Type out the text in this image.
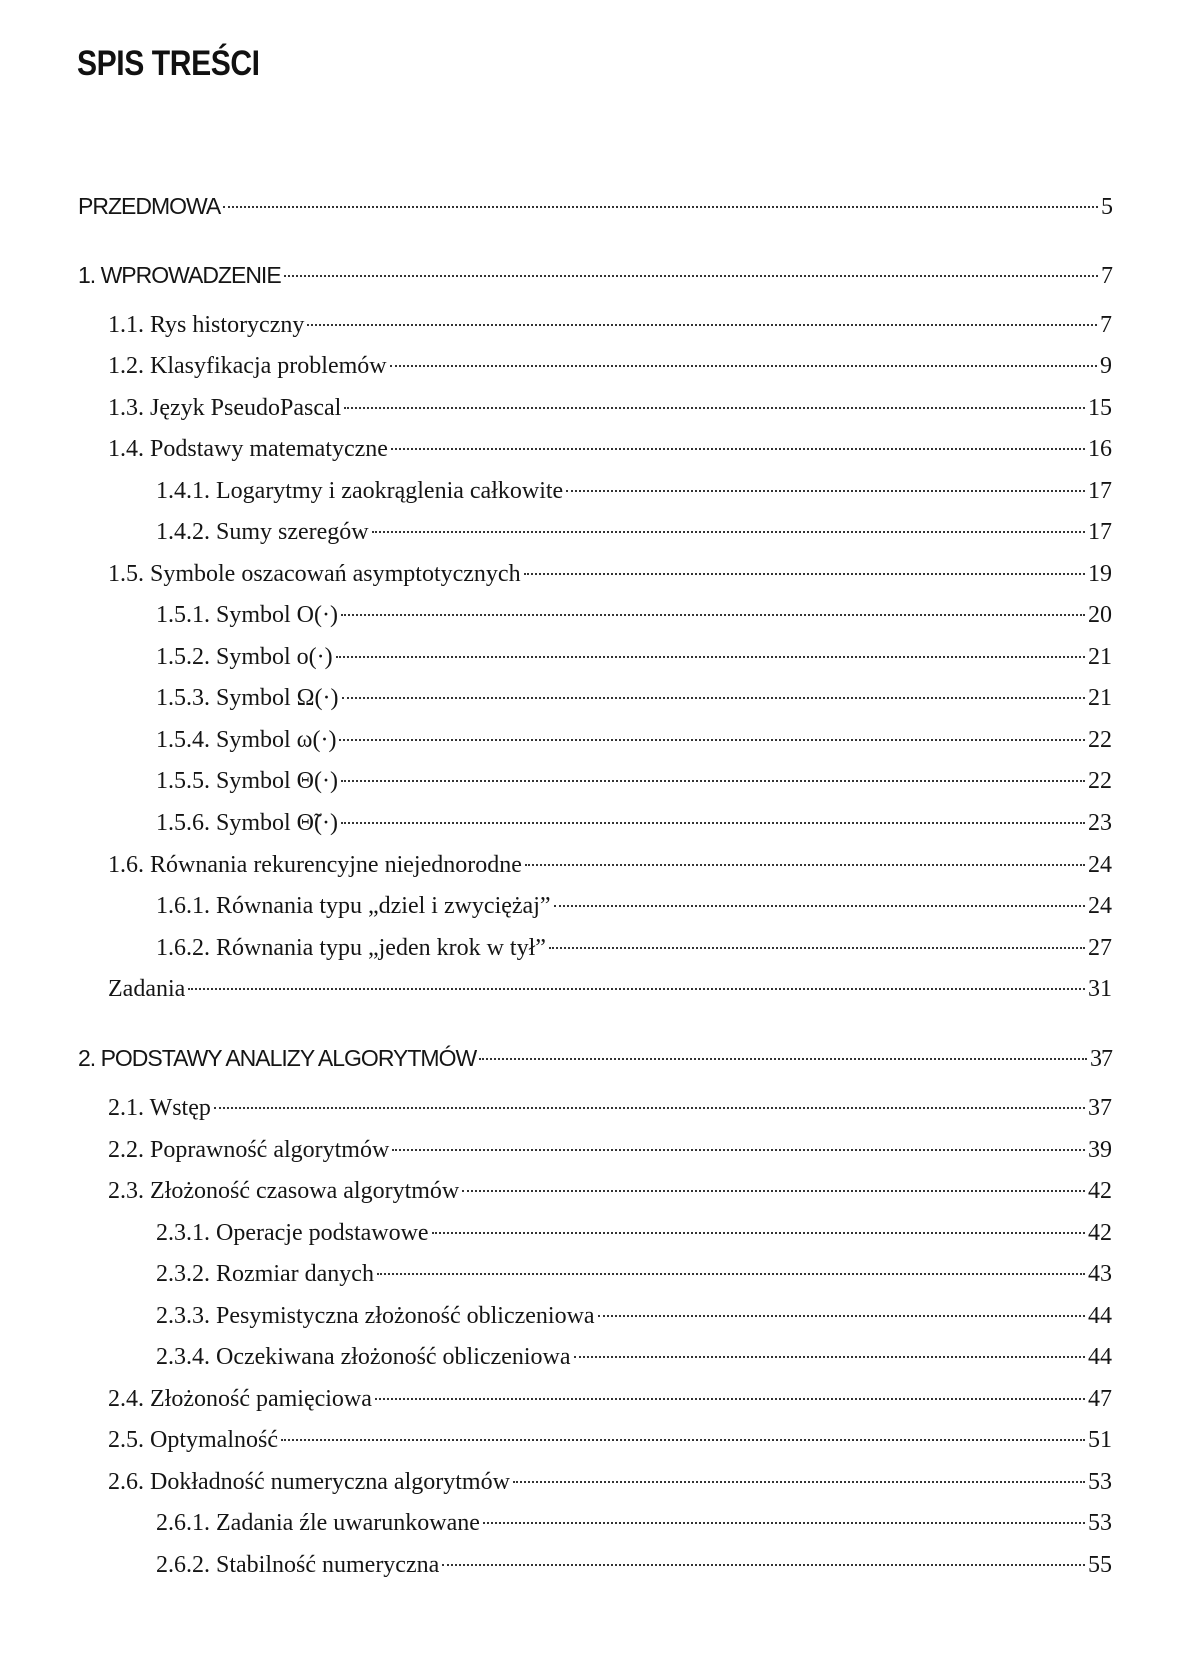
SPIS TREŚCI
PRZEDMOWA	5
1. WPROWADZENIE	7
1.1. Rys historyczny	7
1.2. Klasyfikacja problemów	9
1.3. Język PseudoPascal	15
1.4. Podstawy matematyczne	16
1.4.1. Logarytmy i zaokrąglenia całkowite	17
1.4.2. Sumy szeregów	17
1.5. Symbole oszacowań asymptotycznych	19
1.5.1. Symbol O(·)	20
1.5.2. Symbol o(·)	21
1.5.3. Symbol Ω(·)	21
1.5.4. Symbol ω(·)	22
1.5.5. Symbol Θ(·)	22
1.5.6. Symbol Θ̃(·)	23
1.6. Równania rekurencyjne niejednorodne	24
1.6.1. Równania typu „dziel i zwyciężaj”	24
1.6.2. Równania typu „jeden krok w tył”	27
Zadania	31
2. PODSTAWY ANALIZY ALGORYTMÓW	37
2.1. Wstęp	37
2.2. Poprawność algorytmów	39
2.3. Złożoność czasowa algorytmów	42
2.3.1. Operacje podstawowe	42
2.3.2. Rozmiar danych	43
2.3.3. Pesymistyczna złożoność obliczeniowa	44
2.3.4. Oczekiwana złożoność obliczeniowa	44
2.4. Złożoność pamięciowa	47
2.5. Optymalność	51
2.6. Dokładność numeryczna algorytmów	53
2.6.1. Zadania źle uwarunkowane	53
2.6.2. Stabilność numeryczna	55
